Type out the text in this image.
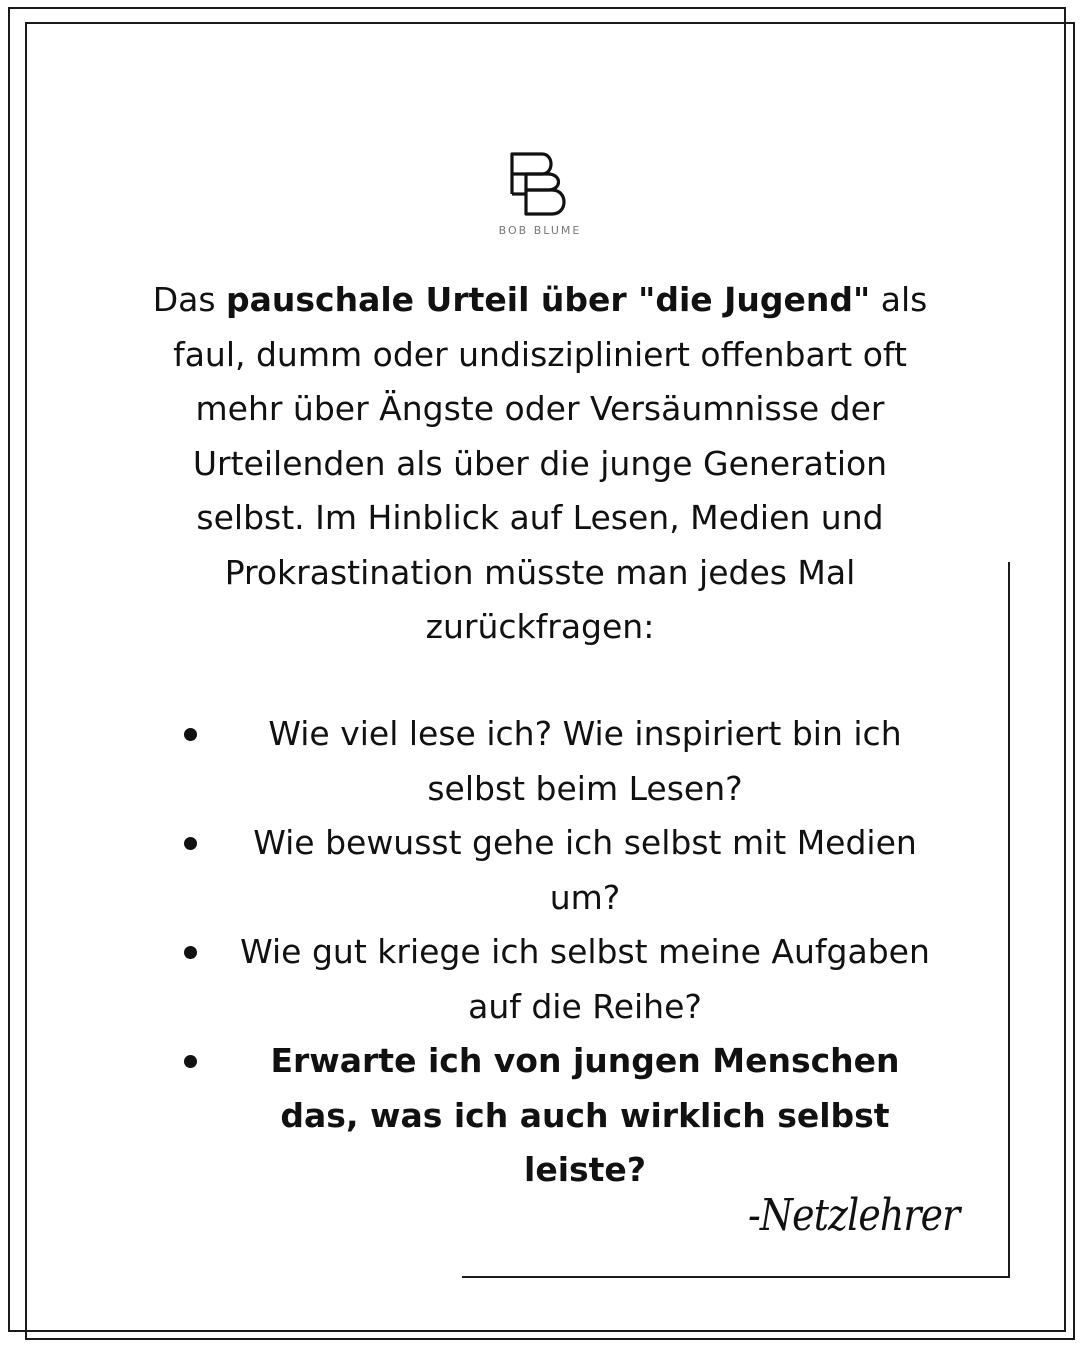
BOB BLUME
Das pauschale Urteil über "die Jugend" als faul, dumm oder undiszipliniert offenbart oft mehr über Ängste oder Versäumnisse der Urteilenden als über die junge Generation selbst. Im Hinblick auf Lesen, Medien und Prokrastination müsste man jedes Mal zurückfragen:
Wie viel lese ich? Wie inspiriert bin ich selbst beim Lesen?
Wie bewusst gehe ich selbst mit Medien um?
Wie gut kriege ich selbst meine Aufgaben auf die Reihe?
Erwarte ich von jungen Menschen das, was ich auch wirklich selbst leiste?
-Netzlehrer
